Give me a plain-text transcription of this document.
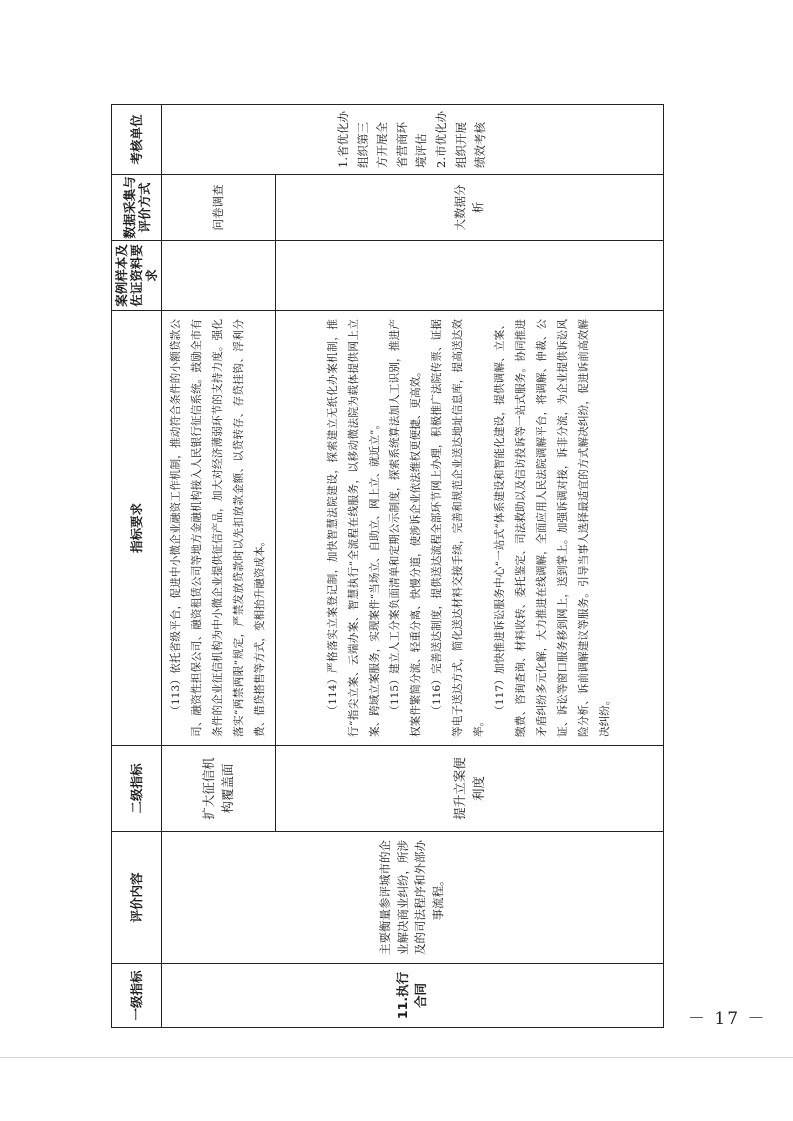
一级指标	评价内容	二级指标	指标要求	案例样本及佐证资料要求	数据采集与评价方式	考核单位
11.执行合同	主要衡量参评城市的企业解决商业纠纷，所涉及的司法程序和外部办事流程。	扩大征信机构覆盖面	（113）依托省级平台，促进中小微企业融资工作机制，推动符合条件的小额贷款公司、融资性担保公司、融资租赁公司等地方金融机构接入人民银行征信系统。鼓励全市有条件的企业征信机构为中小微企业提供征信产品，加大对经济薄弱环节的支持力度。强化落实“两禁两限”规定，严禁发放贷款时以先扣放款金额、以贷转存、存贷挂钩、浮利分费、借贷搭售等方式，变相抬升融资成本。		问卷调查	1.省优化办组织第三方开展全省营商环境评估 2.市优化办组织开展绩效考核

		提升立案便利度	（114）严格落实立案登记制，加快智慧法院建设，探索建立无纸化办案机制，推行“指尖立案、云端办案、智慧执行”全流程在线服务，以移动微法院为载体提供网上立案、跨域立案服务，实现案件“当场立、自助立、网上立、就近立”。 （115）建立人工分案负面清单和定期公示制度，探索系统算法加人工识别，推进产权案件繁简分流、轻重分离、快慢分道，使涉诉企业依法维权更便捷、更高效。 （116）完善送达制度，提供送达流程全部环节网上办理，积极推广法院传票、证据等电子送达方式，简化送达材料交接手续，完善和规范企业送达地址信息库，提高送达效率。

（117）加快推进诉讼服务中心“一站式”体系建设和智能化建设，提供调解、立案、缴费、咨询查询、材料收转、委托鉴定、司法救助以及信访投诉等一站式服务。协同推进矛盾纠纷多元化解，大力推进在线调解，全面应用人民法院调解平台，将调解、仲裁、公证、诉讼等窗口服务移到网上，送到掌上。加强诉调对接，诉非分流，为企业提供诉讼风险分析、诉前调解建议等服务。引导当事人选择最适宜的方式解决纠纷，促进诉前高效解决纠纷。		大数据分析	
－ 17 －
